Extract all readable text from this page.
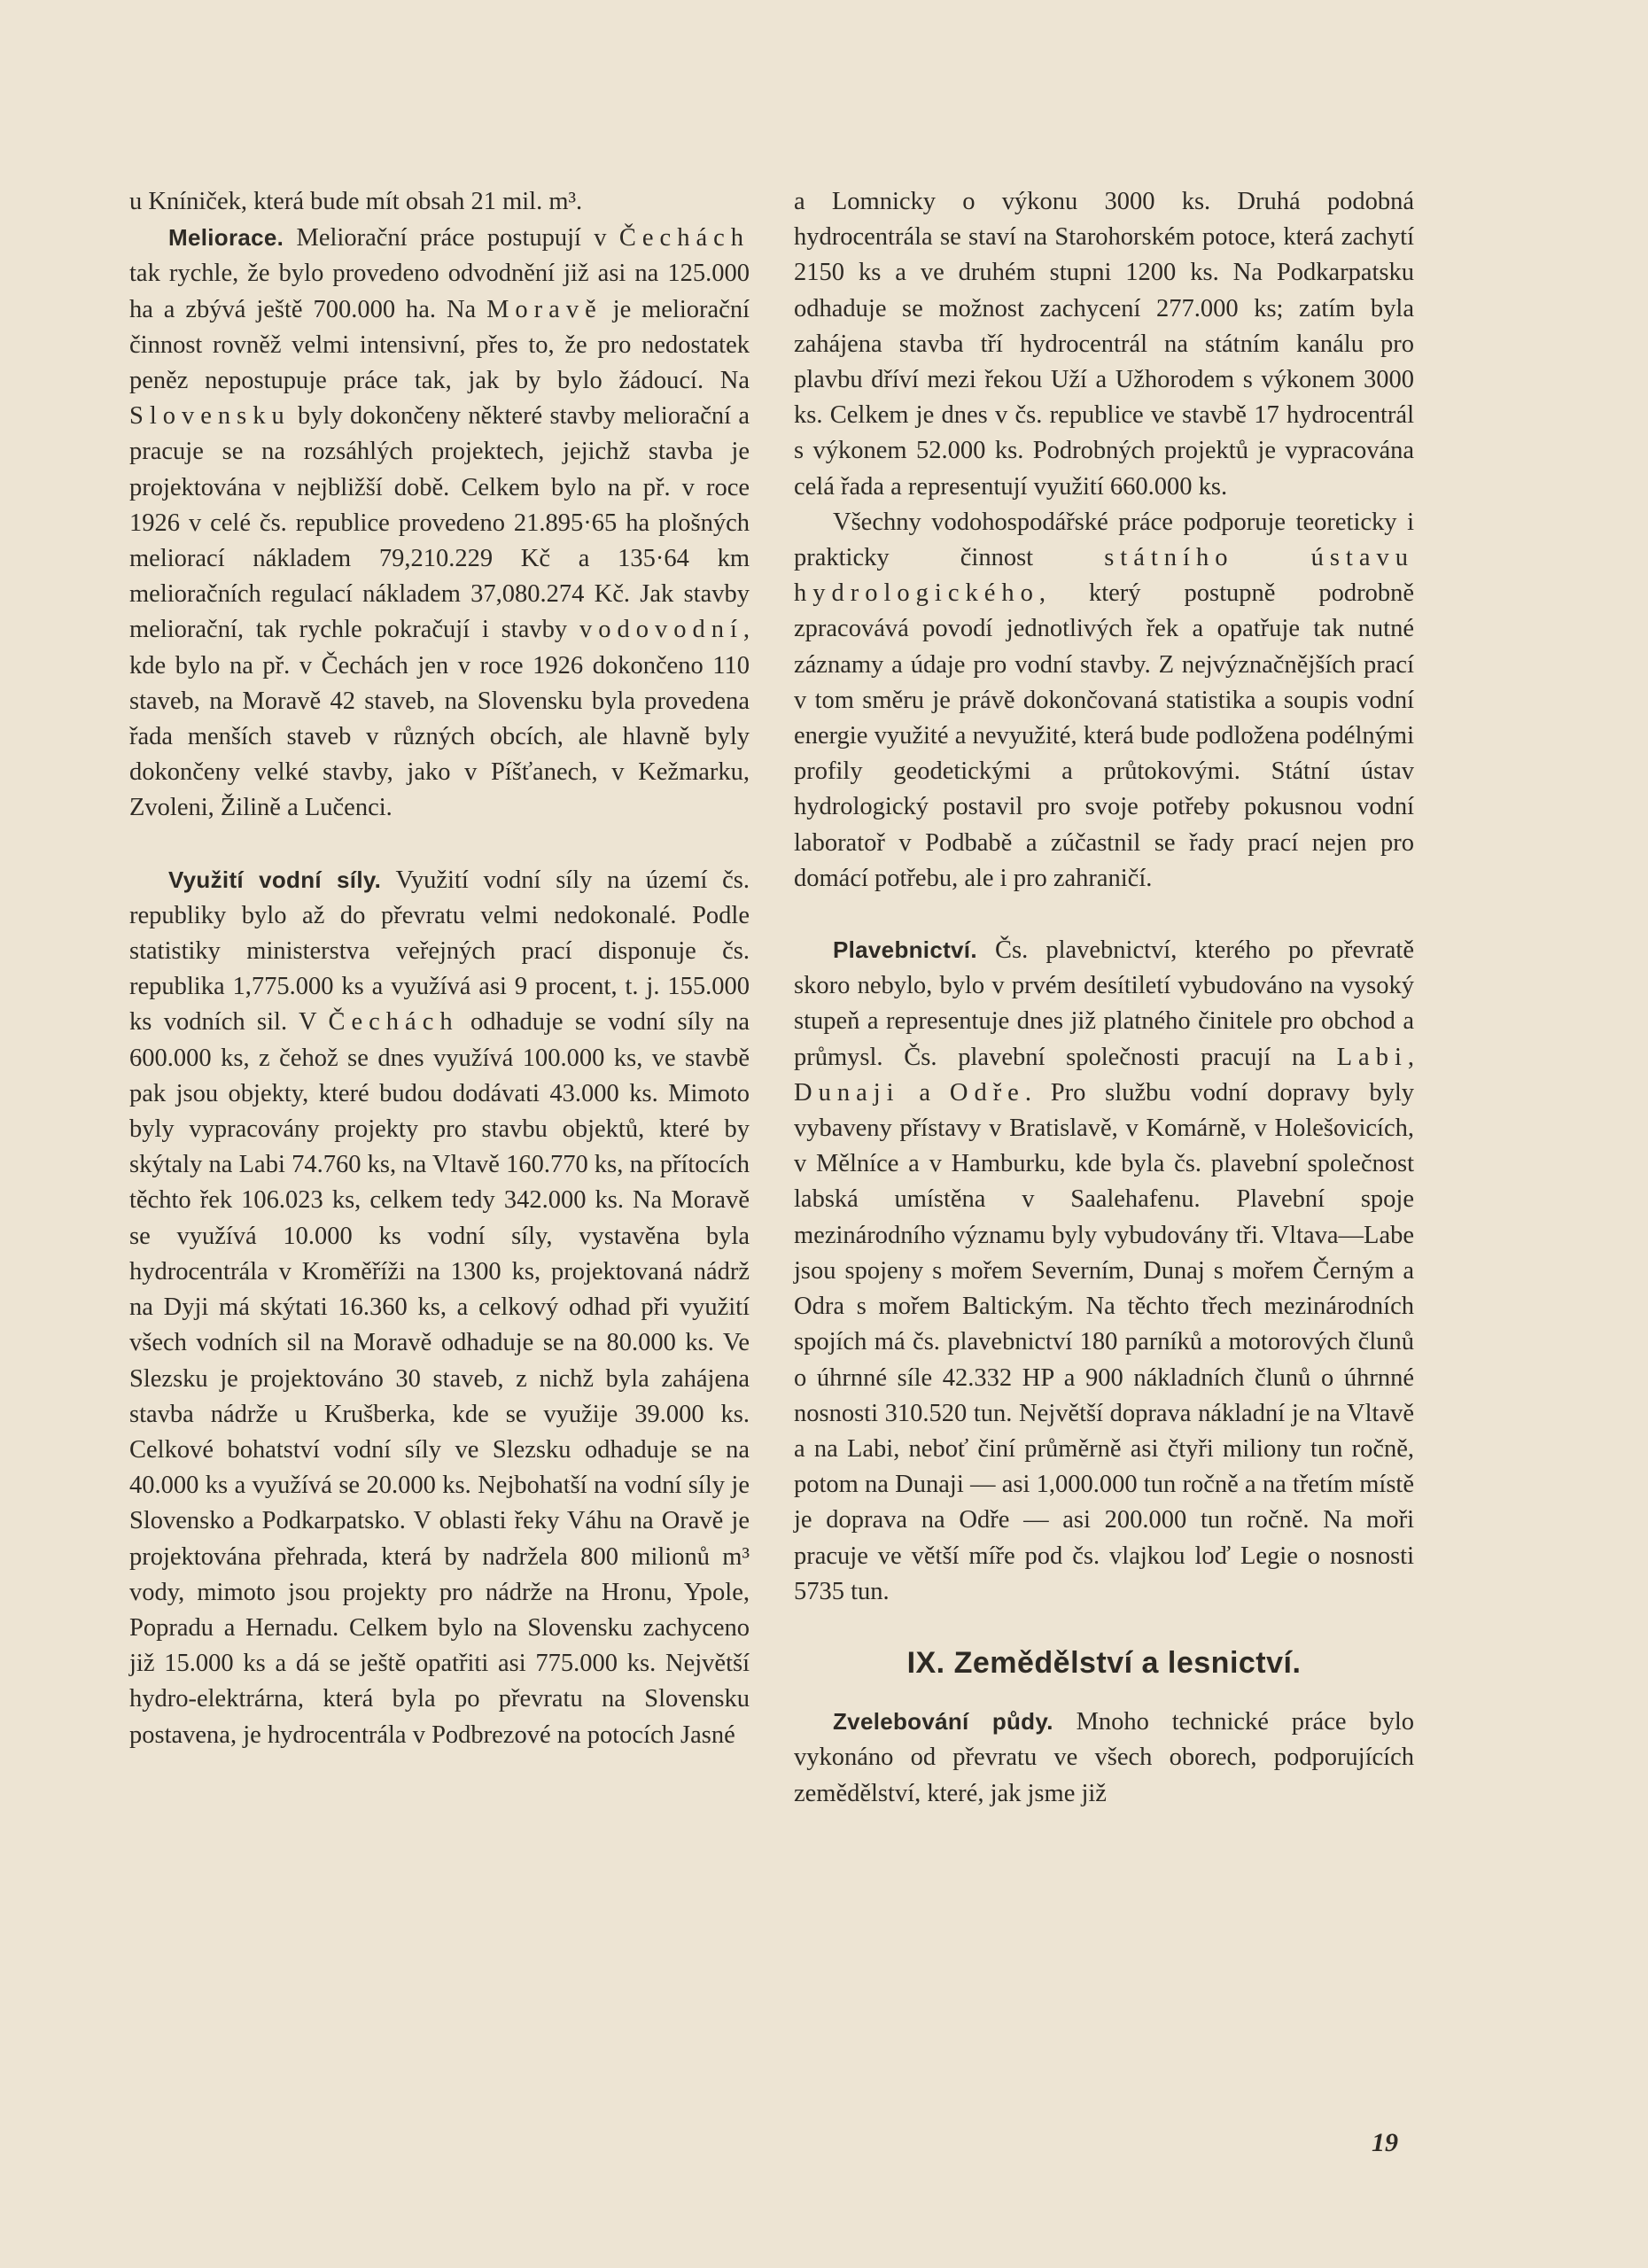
u Kníniček, která bude mít obsah 21 mil. m³.

Meliorace. Meliorační práce postupují v Čechách tak rychle, že bylo provedeno odvodnění již asi na 125.000 ha a zbývá ještě 700.000 ha. Na Moravě je meliorační činnost rovněž velmi intensivní, přes to, že pro nedostatek peněz nepostupuje práce tak, jak by bylo žádoucí. Na Slovensku byly dokončeny některé stavby meliorační a pracuje se na rozsáhlých projektech, jejichž stavba je projektována v nejbližší době. Celkem bylo na př. v roce 1926 v celé čs. republice provedeno 21.895·65 ha plošných meliorací nákladem 79,210.229 Kč a 135·64 km melioračních regulací nákladem 37,080.274 Kč. Jak stavby meliorační, tak rychle pokračují i stavby vodovodní, kde bylo na př. v Čechách jen v roce 1926 dokončeno 110 staveb, na Moravě 42 staveb, na Slovensku byla provedena řada menších staveb v různých obcích, ale hlavně byly dokončeny velké stavby, jako v Píšťanech, v Kežmarku, Zvoleni, Žilině a Lučenci.

Využití vodní síly. Využití vodní síly na území čs. republiky bylo až do převratu velmi nedokonalé. Podle statistiky ministerstva veřejných prací disponuje čs. republika 1,775.000 ks a využívá asi 9 procent, t. j. 155.000 ks vodních sil. V Čechách odhaduje se vodní síly na 600.000 ks, z čehož se dnes využívá 100.000 ks, ve stavbě pak jsou objekty, které budou dodávati 43.000 ks. Mimoto byly vypracovány projekty pro stavbu objektů, které by skýtaly na Labi 74.760 ks, na Vltavě 160.770 ks, na přítocích těchto řek 106.023 ks, celkem tedy 342.000 ks. Na Moravě se využívá 10.000 ks vodní síly, vystavěna byla hydrocentrála v Kroměříži na 1300 ks, projektovaná nádrž na Dyji má skýtati 16.360 ks, a celkový odhad při využití všech vodních sil na Moravě odhaduje se na 80.000 ks. Ve Slezsku je projektováno 30 staveb, z nichž byla zahájena stavba nádrže u Krušberka, kde se využije 39.000 ks. Celkové bohatství vodní síly ve Slezsku odhaduje se na 40.000 ks a využívá se 20.000 ks. Nejbohatší na vodní síly je Slovensko a Podkarpatsko. V oblasti řeky Váhu na Oravě je projektována přehrada, která by nadržela 800 milionů m³ vody, mimoto jsou projekty pro nádrže na Hronu, Ypole, Popradu a Hernadu. Celkem bylo na Slovensku zachyceno již 15.000 ks a dá se ještě opatřiti asi 775.000 ks. Největší hydro-elektrárna, která byla po převratu na Slovensku postavena, je hydrocentrála v Podbrezové na potocích Jasné

a Lomnicky o výkonu 3000 ks. Druhá podobná hydrocentrála se staví na Starohorském potoce, která zachytí 2150 ks a ve druhém stupni 1200 ks. Na Podkarpatsku odhaduje se možnost zachycení 277.000 ks; zatím byla zahájena stavba tří hydrocentrál na státním kanálu pro plavbu dříví mezi řekou Uží a Užhorodem s výkonem 3000 ks. Celkem je dnes v čs. republice ve stavbě 17 hydrocentrál s výkonem 52.000 ks. Podrobných projektů je vypracována celá řada a representují využití 660.000 ks.

Všechny vodohospodářské práce podporuje teoreticky i prakticky činnost státního ústavu hydrologického, který postupně podrobně zpracovává povodí jednotlivých řek a opatřuje tak nutné záznamy a údaje pro vodní stavby. Z nejvýznačnějších prací v tom směru je právě dokončovaná statistika a soupis vodní energie využité a nevyužité, která bude podložena podélnými profily geodetickými a průtokovými. Státní ústav hydrologický postavil pro svoje potřeby pokusnou vodní laboratoř v Podbabě a zúčastnil se řady prací nejen pro domácí potřebu, ale i pro zahraničí.

Plavebnictví. Čs. plavebnictví, kterého po převratě skoro nebylo, bylo v prvém desítiletí vybudováno na vysoký stupeň a representuje dnes již platného činitele pro obchod a průmysl. Čs. plavební společnosti pracují na Labi, Dunaji a Odře. Pro službu vodní dopravy byly vybaveny přístavy v Bratislavě, v Komárně, v Holešovicích, v Mělníce a v Hamburku, kde byla čs. plavební společnost labská umístěna v Saalehafenu. Plavební spoje mezinárodního významu byly vybudovány tři. Vltava—Labe jsou spojeny s mořem Severním, Dunaj s mořem Černým a Odra s mořem Baltickým. Na těchto třech mezinárodních spojích má čs. plavebnictví 180 parníků a motorových člunů o úhrnné síle 42.332 HP a 900 nákladních člunů o úhrnné nosnosti 310.520 tun. Největší doprava nákladní je na Vltavě a na Labi, neboť činí průměrně asi čtyři miliony tun ročně, potom na Dunaji — asi 1,000.000 tun ročně a na třetím místě je doprava na Odře — asi 200.000 tun ročně. Na moři pracuje ve větší míře pod čs. vlajkou loď Legie o nosnosti 5735 tun.

IX. Zemědělství a lesnictví.

Zvelebování půdy. Mnoho technické práce bylo vykonáno od převratu ve všech oborech, podporujících zemědělství, které, jak jsme již

19
